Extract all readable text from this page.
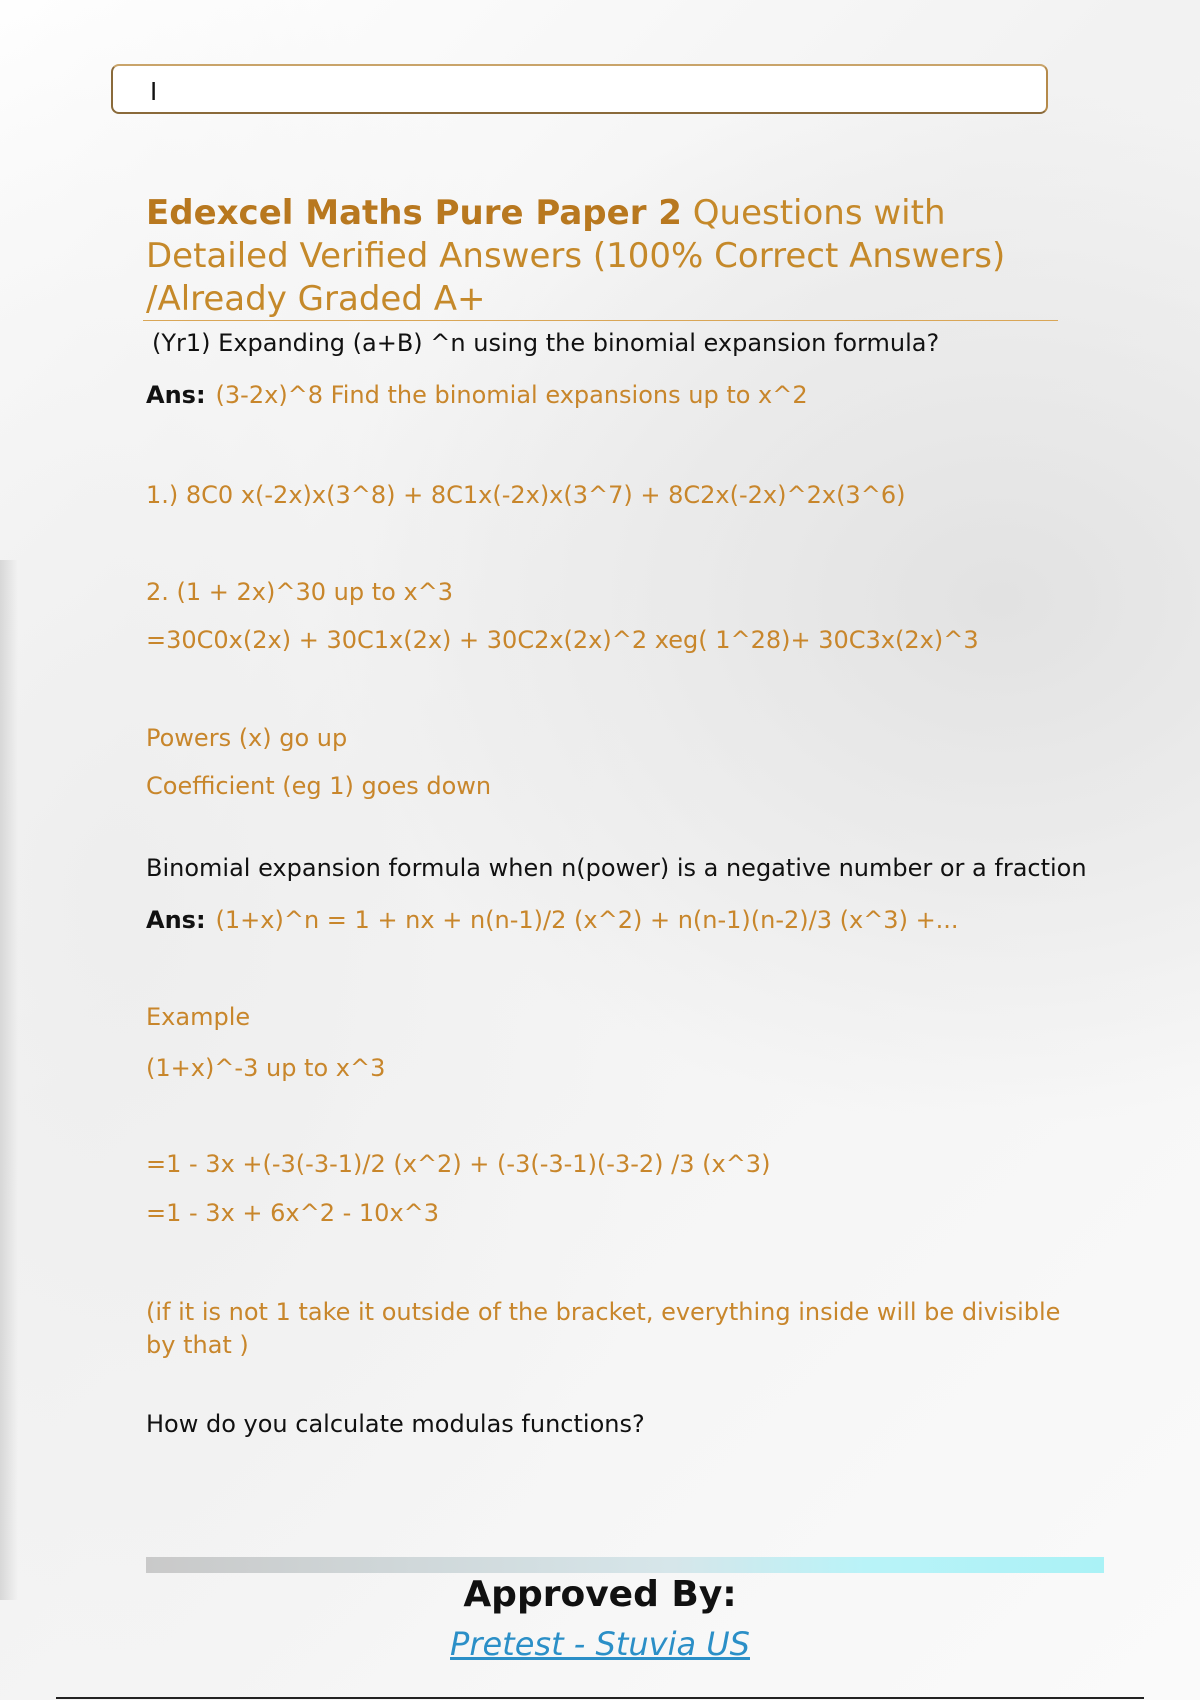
I
Edexcel Maths Pure Paper 2 Questions with Detailed Verified Answers (100% Correct Answers) /Already Graded A+
(Yr1) Expanding (a+B) ^n using the binomial expansion formula?
Ans: (3-2x)^8 Find the binomial expansions up to x^2
1.) 8C0 x(-2x)x(3^8) + 8C1x(-2x)x(3^7) + 8C2x(-2x)^2x(3^6)
2. (1 + 2x)^30 up to x^3
=30C0x(2x) + 30C1x(2x) + 30C2x(2x)^2 xeg( 1^28)+ 30C3x(2x)^3
Powers (x) go up
Coefficient (eg 1) goes down
Binomial expansion formula when n(power) is a negative number or a fraction
Ans: (1+x)^n = 1 + nx + n(n-1)/2 (x^2) + n(n-1)(n-2)/3 (x^3) +...
Example
(1+x)^-3 up to x^3
=1 - 3x +(-3(-3-1)/2 (x^2) + (-3(-3-1)(-3-2) /3 (x^3)
=1 - 3x + 6x^2 - 10x^3
(if it is not 1 take it outside of the bracket, everything inside will be divisible by that )
How do you calculate modulas functions?
Approved By:
Pretest - Stuvia US
